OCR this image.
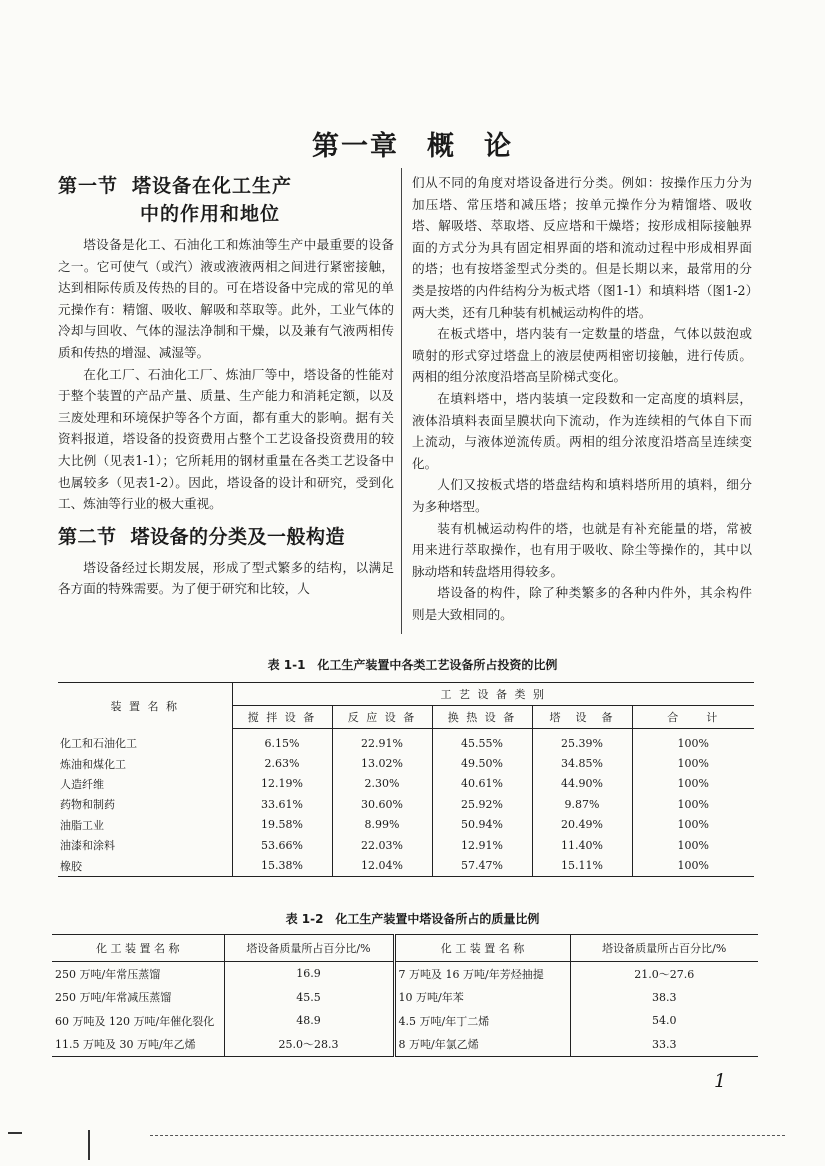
第一章 概 论
第一节 塔设备在化工生产
中的作用和地位

塔设备是化工、石油化工和炼油等生产中最重要的设备之一。它可使气（或汽）液或液液两相之间进行紧密接触，达到相际传质及传热的目的。可在塔设备中完成的常见的单元操作有：精馏、吸收、解吸和萃取等。此外，工业气体的冷却与回收、气体的湿法净制和干燥，以及兼有气液两相传质和传热的增湿、减湿等。

在化工厂、石油化工厂、炼油厂等中，塔设备的性能对于整个装置的产品产量、质量、生产能力和消耗定额，以及三废处理和环境保护等各个方面，都有重大的影响。据有关资料报道，塔设备的投资费用占整个工艺设备投资费用的较大比例（见表1-1）；它所耗用的钢材重量在各类工艺设备中也属较多（见表1-2）。因此，塔设备的设计和研究，受到化工、炼油等行业的极大重视。

第二节 塔设备的分类及一般构造

塔设备经过长期发展，形成了型式繁多的结构，以满足各方面的特殊需要。为了便于研究和比较，人

们从不同的角度对塔设备进行分类。例如：按操作压力分为加压塔、常压塔和减压塔；按单元操作分为精馏塔、吸收塔、解吸塔、萃取塔、反应塔和干燥塔；按形成相际接触界面的方式分为具有固定相界面的塔和流动过程中形成相界面的塔；也有按塔釜型式分类的。但是长期以来，最常用的分类是按塔的内件结构分为板式塔（图1-1）和填料塔（图1-2）两大类，还有几种装有机械运动构件的塔。

在板式塔中，塔内装有一定数量的塔盘，气体以鼓泡或喷射的形式穿过塔盘上的液层使两相密切接触，进行传质。两相的组分浓度沿塔高呈阶梯式变化。

在填料塔中，塔内装填一定段数和一定高度的填料层，液体沿填料表面呈膜状向下流动，作为连续相的气体自下而上流动，与液体逆流传质。两相的组分浓度沿塔高呈连续变化。

人们又按板式塔的塔盘结构和填料塔所用的填料，细分为多种塔型。

装有机械运动构件的塔，也就是有补充能量的塔，常被用来进行萃取操作，也有用于吸收、除尘等操作的，其中以脉动塔和转盘塔用得较多。

塔设备的构件，除了种类繁多的各种内件外，其余构件则是大致相同的。

表 1-1　化工生产装置中各类工艺设备所占投资的比例
装 置 名 称	工 艺 设 备 类 别				
	搅 拌 设 备	反 应 设 备	换 热 设 备	塔　设　备	合　　计
化工和石油化工	6.15%	22.91%	45.55%	25.39%	100%
炼油和煤化工	2.63%	13.02%	49.50%	34.85%	100%
人造纤维	12.19%	2.30%	40.61%	44.90%	100%
药物和制药	33.61%	30.60%	25.92%	9.87%	100%
油脂工业	19.58%	8.99%	50.94%	20.49%	100%
油漆和涂料	53.66%	22.03%	12.91%	11.40%	100%
橡胶	15.38%	12.04%	57.47%	15.11%	100%
表 1-2　化工生产装置中塔设备所占的质量比例
化 工 装 置 名 称	塔设备质量所占百分比/%	化 工 装 置 名 称	塔设备质量所占百分比/%
250 万吨/年常压蒸馏	16.9	7 万吨及 16 万吨/年芳烃抽提	21.0～27.6
250 万吨/年常减压蒸馏	45.5	10 万吨/年苯	38.3
60 万吨及 120 万吨/年催化裂化	48.9	4.5 万吨/年丁二烯	54.0
11.5 万吨及 30 万吨/年乙烯	25.0～28.3	8 万吨/年氯乙烯	33.3
1
